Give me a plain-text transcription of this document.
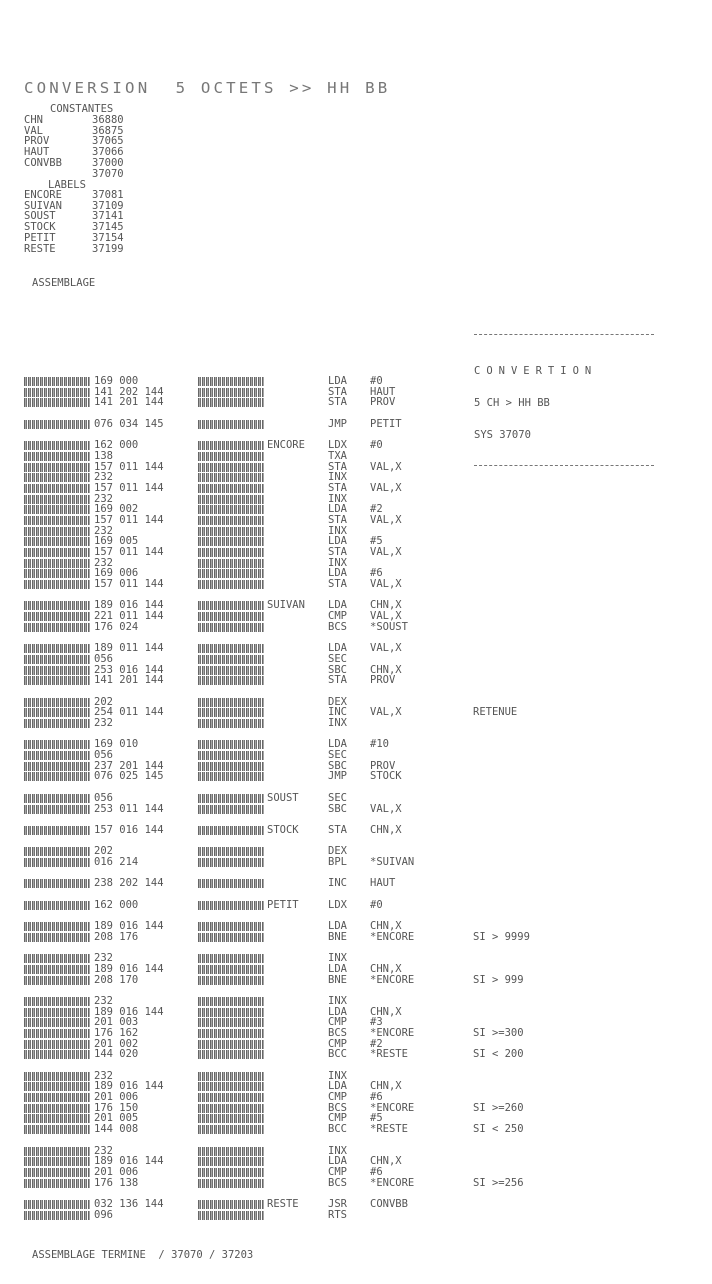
CONVERSION  5 OCTETS >> HH BB
CONSTANTES
CHN	36880
VAL	36875
PROV	37065
HAUT	37066
CONVBB	37000
37070
LABELS
ENCORE	37081
SUIVAN	37109
SOUST	37141
STOCK	37145
PETIT	37154
RESTE	37199
ASSEMBLAGE

CONVERTION

5 CH > HH BB

SYS 37070

169 000	LDA #0
141 202 144	STA HAUT
141 201 144	STA PROV
076 034 145	JMP PETIT
162 000	ENCORE LDX #0
138	TXA
157 011 144	STA VAL,X
232	INX
157 011 144	STA VAL,X
232	INX
169 002	LDA #2
157 011 144	STA VAL,X
232	INX
169 005	LDA #5
157 011 144	STA VAL,X
232	INX
169 006	LDA #6
157 011 144	STA VAL,X
189 016 144	SUIVAN LDA CHN,X
221 011 144	CMP VAL,X
176 024	BCS *SOUST
189 011 144	LDA VAL,X
056	SEC
253 016 144	SBC CHN,X
141 201 144	STA PROV
202	DEX
254 011 144	INC VAL,X	RETENUE
232	INX
169 010	LDA #10
056	SEC
237 201 144	SBC PROV
076 025 145	JMP STOCK
056	SOUST	SEC
253 011 144	SBC VAL,X
157 016 144	STOCK	STA CHN,X
202	DEX
016 214	BPL *SUIVAN
238 202 144	INC HAUT
162 000	PETIT	LDX #0
189 016 144	LDA CHN,X
208 176	BNE *ENCORE	SI > 9999
232	INX
189 016 144	LDA CHN,X
208 170	BNE *ENCORE	SI > 999
232	INX
189 016 144	LDA CHN,X
201 003	CMP #3
176 162	BCS *ENCORE	SI >=300
201 002	CMP #2
144 020	BCC *RESTE	SI < 200
232	INX
189 016 144	LDA CHN,X
201 006	CMP #6
176 150	BCS *ENCORE	SI >=260
201 005	CMP #5
144 008	BCC *RESTE	SI < 250
232	INX
189 016 144	LDA CHN,X
201 006	CMP #6
176 138	BCS *ENCORE	SI >=256
032 136 144	RESTE	JSR CONVBB
096	RTS
ASSEMBLAGE TERMINE  / 37070 / 37203
